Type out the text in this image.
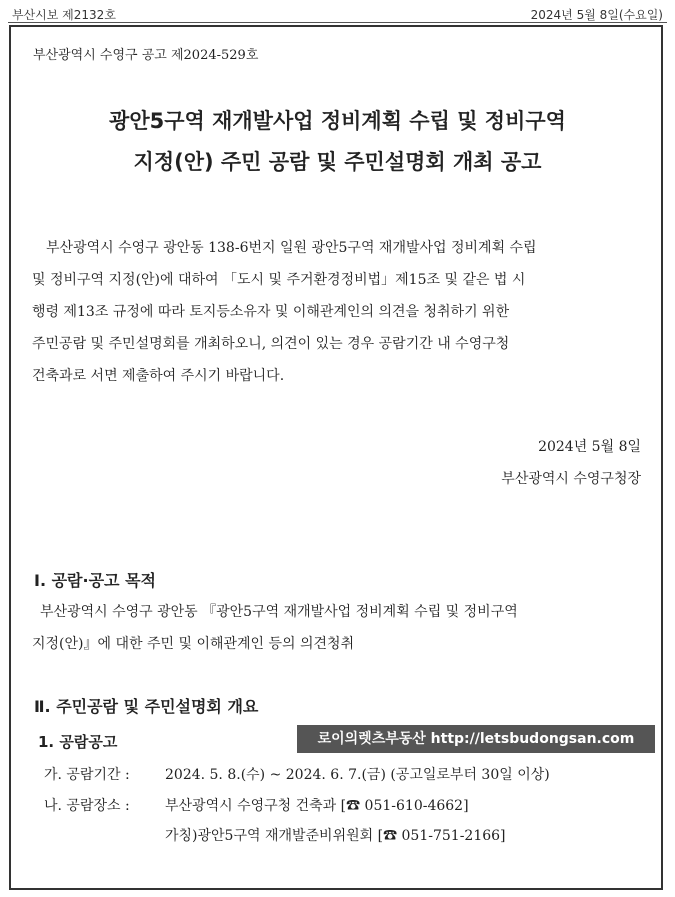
부산시보 제2132호	2024년 5월 8일(수요일)
부산광역시 수영구 공고 제2024-529호
광안5구역 재개발사업 정비계획 수립 및 정비구역
지정(안) 주민 공람 및 주민설명회 개최 공고
부산광역시 수영구 광안동 138-6번지 일원 광안5구역 재개발사업 정비계획 수립
및 정비구역 지정(안)에 대하여 「도시 및 주거환경정비법」제15조 및 같은 법 시
행령 제13조 규정에 따라 토지등소유자 및 이해관계인의 의견을 청취하기 위한
주민공람 및 주민설명회를 개최하오니, 의견이 있는 경우 공람기간 내 수영구청
건축과로 서면 제출하여 주시기 바랍니다.
2024년 5월 8일
부산광역시 수영구청장
Ⅰ. 공람·공고 목적
부산광역시 수영구 광안동 『광안5구역 재개발사업 정비계획 수립 및 정비구역
지정(안)』에 대한 주민 및 이해관계인 등의 의견청취
Ⅱ. 주민공람 및 주민설명회 개요
1. 공람공고
가. 공람기간 :	2024. 5. 8.(수) ~ 2024. 6. 7.(금) (공고일로부터 30일 이상)
나. 공람장소 :	부산광역시 수영구청 건축과 [☎ 051-610-4662]
가칭)광안5구역 재개발준비위원회 [☎ 051-751-2166]
로이의렛츠부동산 http://letsbudongsan.com
